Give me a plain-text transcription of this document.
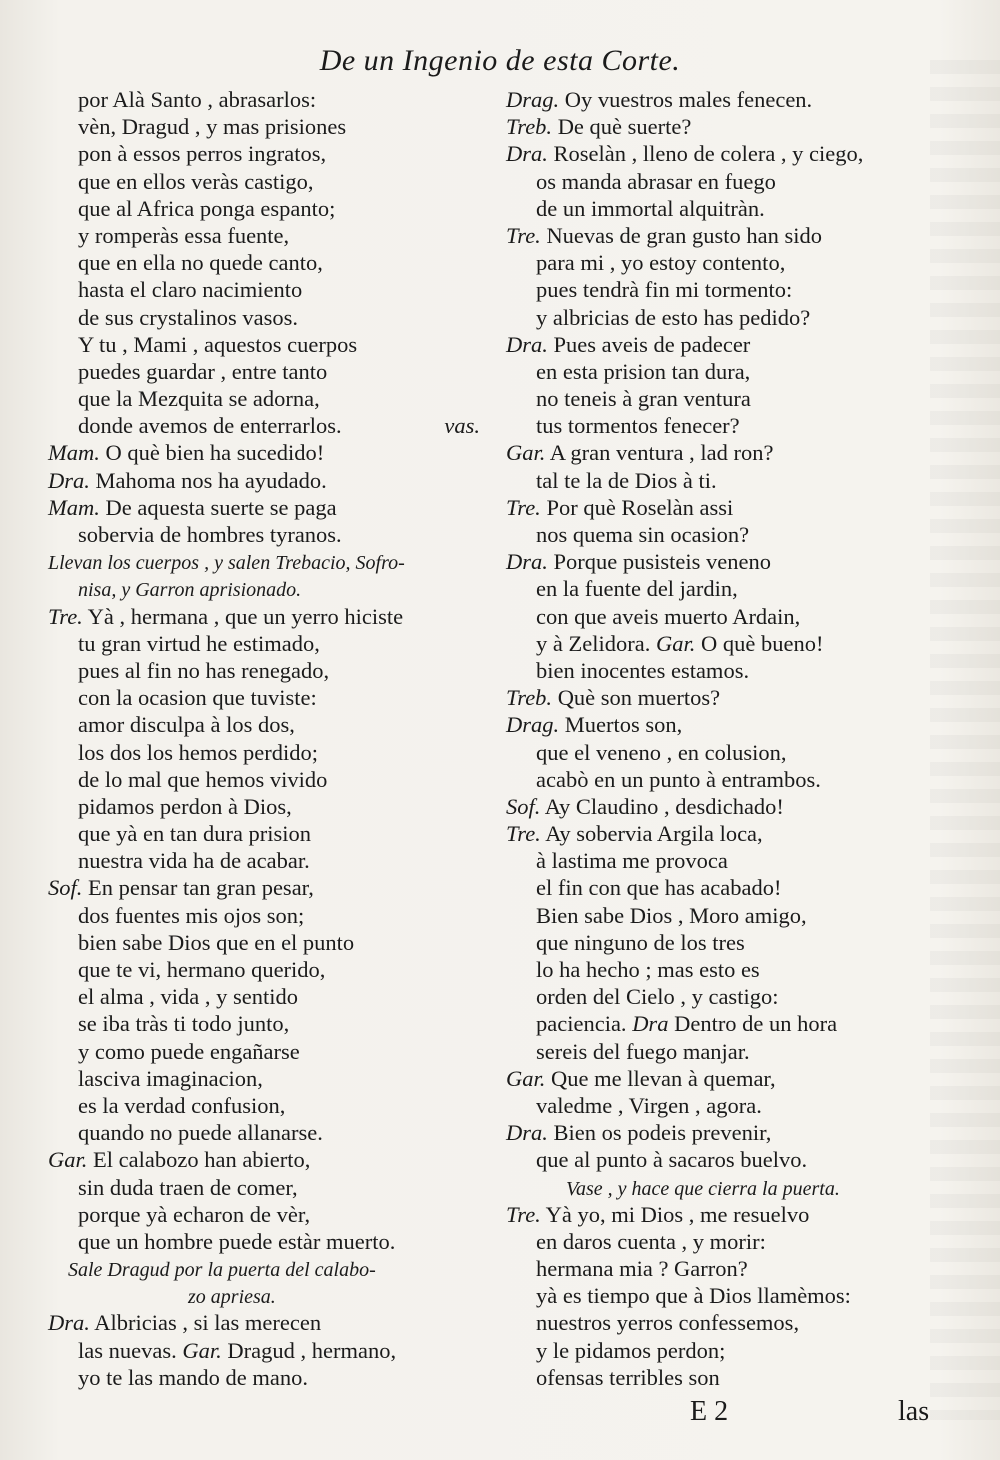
De un Ingenio de esta Corte.
por Alà Santo , abrasarlos:
vèn, Dragud , y mas prisiones
pon à essos perros ingratos,
que en ellos veràs castigo,
que al Africa ponga espanto;
y romperàs essa fuente,
que en ella no quede canto,
hasta el claro nacimiento
de sus crystalinos vasos.
Y tu , Mami , aquestos cuerpos
puedes guardar , entre tanto
que la Mezquita se adorna,
donde avemos de enterrarlos.	vas.
Mam. O què bien ha sucedido!
Dra. Mahoma nos ha ayudado.
Mam. De aquesta suerte se paga
sobervia de hombres tyranos.
Llevan los cuerpos , y salen Trebacio, Sofro-
nisa, y Garron aprisionado.
Tre. Yà , hermana , que un yerro hiciste
tu gran virtud he estimado,
pues al fin no has renegado,
con la ocasion que tuviste:
amor disculpa à los dos,
los dos los hemos perdido;
de lo mal que hemos vivido
pidamos perdon à Dios,
que yà en tan dura prision
nuestra vida ha de acabar.
Sof. En pensar tan gran pesar,
dos fuentes mis ojos son;
bien sabe Dios que en el punto
que te vi, hermano querido,
el alma , vida , y sentido
se iba tràs ti todo junto,
y como puede engañarse
lasciva imaginacion,
es la verdad confusion,
quando no puede allanarse.
Gar. El calabozo han abierto,
sin duda traen de comer,
porque yà echaron de vèr,
que un hombre puede estàr muerto.
Sale Dragud por la puerta del calabo-
zo apriesa.
Dra. Albricias , si las merecen
las nuevas. Gar. Dragud , hermano,
yo te las mando de mano.
Drag. Oy vuestros males fenecen.
Treb. De què suerte?
Dra. Roselàn , lleno de colera , y ciego,
os manda abrasar en fuego
de un immortal alquitràn.
Tre. Nuevas de gran gusto han sido
para mi , yo estoy contento,
pues tendrà fin mi tormento:
y albricias de esto has pedido?
Dra. Pues aveis de padecer
en esta prision tan dura,
no teneis à gran ventura
tus tormentos fenecer?
Gar. A gran ventura , lad ron?
tal te la de Dios à ti.
Tre. Por què Roselàn assi
nos quema sin ocasion?
Dra. Porque pusisteis veneno
en la fuente del jardin,
con que aveis muerto Ardain,
y à Zelidora. Gar. O què bueno!
bien inocentes estamos.
Treb. Què son muertos?
Drag. Muertos son,
que el veneno , en colusion,
acabò en un punto à entrambos.
Sof. Ay Claudino , desdichado!
Tre. Ay sobervia Argila loca,
à lastima me provoca
el fin con que has acabado!
Bien sabe Dios , Moro amigo,
que ninguno de los tres
lo ha hecho ; mas esto es
orden del Cielo , y castigo:
paciencia. Dra Dentro de un hora
sereis del fuego manjar.
Gar. Que me llevan à quemar,
valedme , Virgen , agora.
Dra. Bien os podeis prevenir,
que al punto à sacaros buelvo.
Vase , y hace que cierra la puerta.
Tre. Yà yo, mi Dios , me resuelvo
en daros cuenta , y morir:
hermana mia ? Garron?
yà es tiempo que à Dios llamèmos:
nuestros yerros confessemos,
y le pidamos perdon;
ofensas terribles son
E 2	las
